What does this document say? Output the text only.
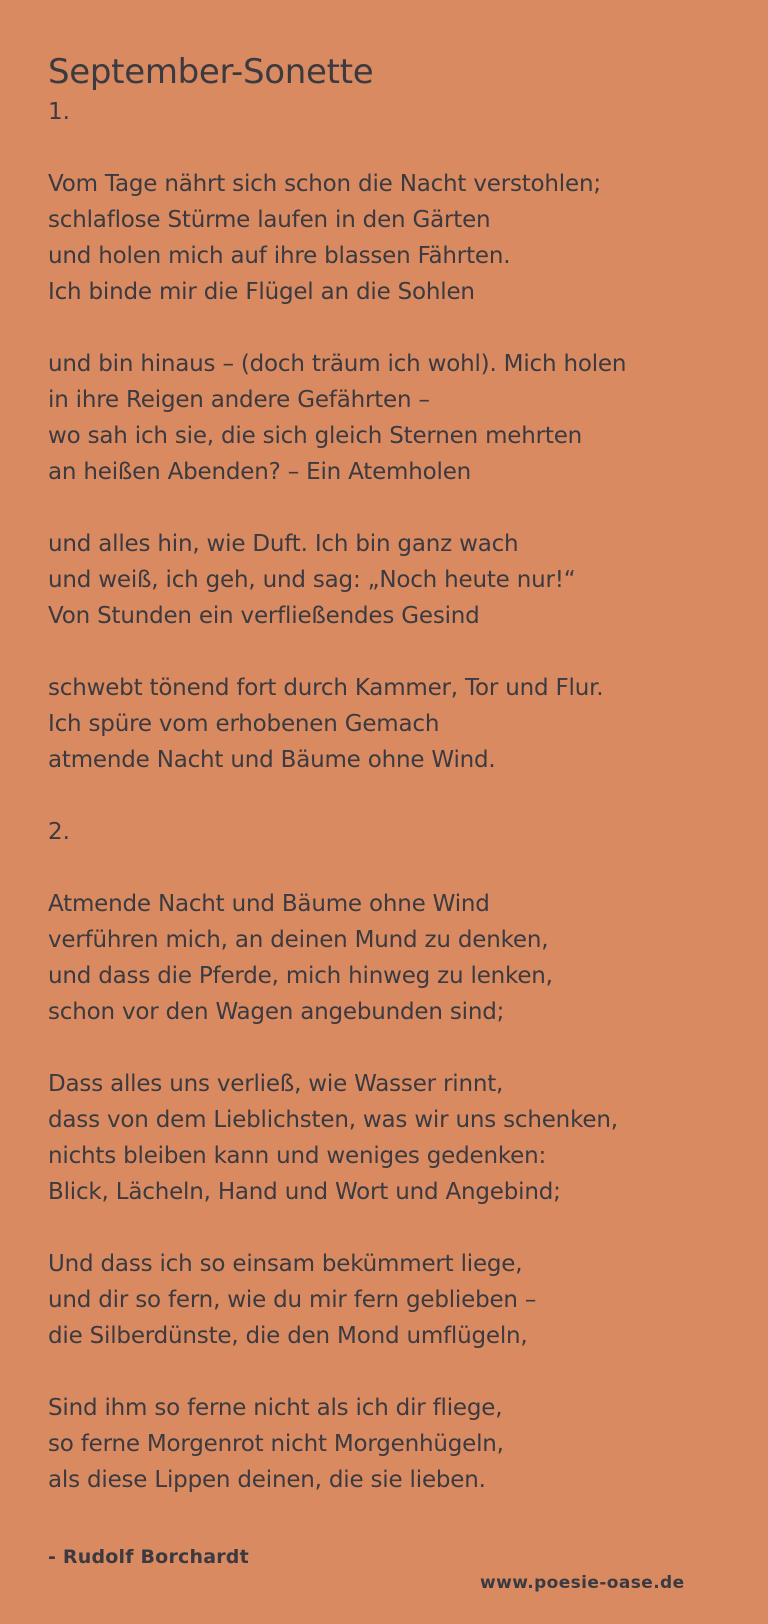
September-Sonette
1.
Vom Tage nährt sich schon die Nacht verstohlen;
schlaflose Stürme laufen in den Gärten
und holen mich auf ihre blassen Fährten.
Ich binde mir die Flügel an die Sohlen
und bin hinaus – (doch träum ich wohl). Mich holen
in ihre Reigen andere Gefährten –
wo sah ich sie, die sich gleich Sternen mehrten
an heißen Abenden? – Ein Atemholen
und alles hin, wie Duft. Ich bin ganz wach
und weiß, ich geh, und sag: „Noch heute nur!“
Von Stunden ein verfließendes Gesind
schwebt tönend fort durch Kammer, Tor und Flur.
Ich spüre vom erhobenen Gemach
atmende Nacht und Bäume ohne Wind.
2.
Atmende Nacht und Bäume ohne Wind
verführen mich, an deinen Mund zu denken,
und dass die Pferde, mich hinweg zu lenken,
schon vor den Wagen angebunden sind;
Dass alles uns verließ, wie Wasser rinnt,
dass von dem Lieblichsten, was wir uns schenken,
nichts bleiben kann und weniges gedenken:
Blick, Lächeln, Hand und Wort und Angebind;
Und dass ich so einsam bekümmert liege,
und dir so fern, wie du mir fern geblieben –
die Silberdünste, die den Mond umflügeln,
Sind ihm so ferne nicht als ich dir fliege,
so ferne Morgenrot nicht Morgenhügeln,
als diese Lippen deinen, die sie lieben.
- Rudolf Borchardt
www.poesie-oase.de
